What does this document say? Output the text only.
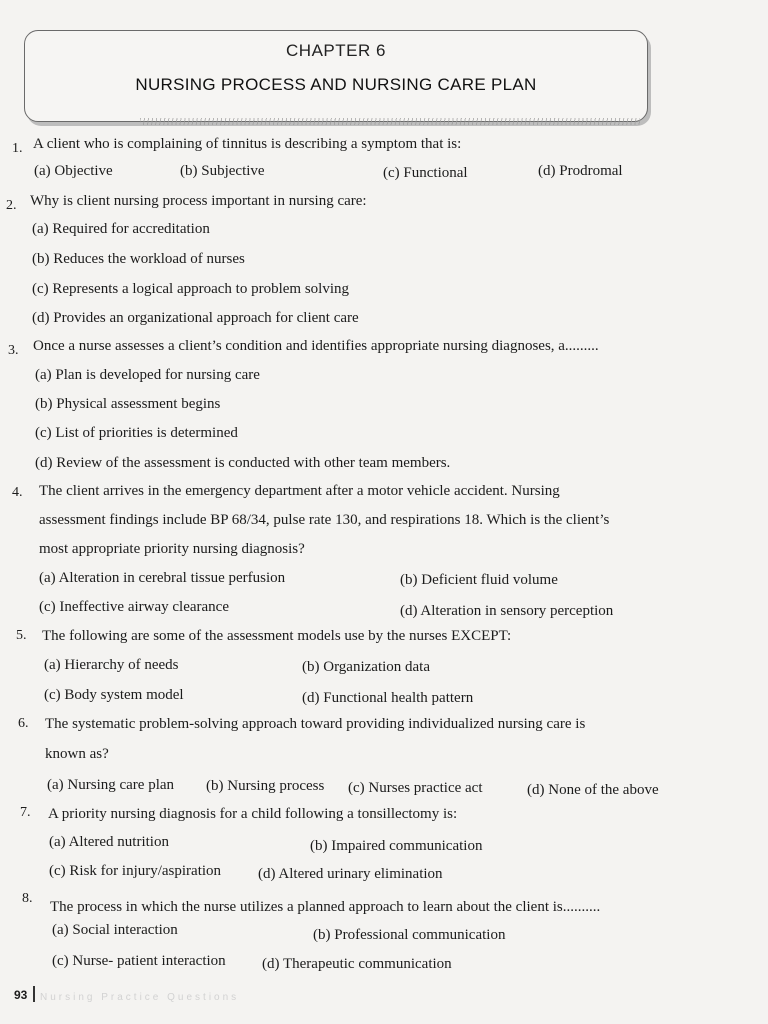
CHAPTER 6
NURSING PROCESS AND NURSING CARE PLAN
1. A client who is complaining of tinnitus is describing a symptom that is:
(a) Objective	(b) Subjective	(c) Functional	(d) Prodromal
2. Why is client nursing process important in nursing care:
(a) Required for accreditation
(b) Reduces the workload of nurses
(c) Represents a logical approach to problem solving
(d) Provides an organizational approach for client care
3. Once a nurse assesses a client’s condition and identifies appropriate nursing diagnoses, a.........
(a) Plan is developed for nursing care
(b) Physical assessment begins
(c) List of priorities is determined
(d) Review of the assessment is conducted with other team members.
4. The client arrives in the emergency department after a motor vehicle accident. Nursing
assessment findings include BP 68/34, pulse rate 130, and respirations 18. Which is the client’s
most appropriate priority nursing diagnosis?
(a) Alteration in cerebral tissue perfusion	(b) Deficient fluid volume
(c) Ineffective airway clearance	(d) Alteration in sensory perception
5. The following are some of the assessment models use by the nurses EXCEPT:
(a) Hierarchy of needs	(b) Organization data
(c) Body system model	(d) Functional health pattern
6. The systematic problem-solving approach toward providing individualized nursing care is
known as?
(a) Nursing care plan (b) Nursing process (c) Nurses practice act	(d) None of the above
7. A priority nursing diagnosis for a child following a tonsillectomy is:
(a) Altered nutrition	(b) Impaired communication
(c) Risk for injury/aspiration (d) Altered urinary elimination
8.
The process in which the nurse utilizes a planned approach to learn about the client is..........
(a) Social interaction	(b) Professional communication
(c) Nurse- patient interaction (d) Therapeutic communication
93 Nursing Practice Questions
